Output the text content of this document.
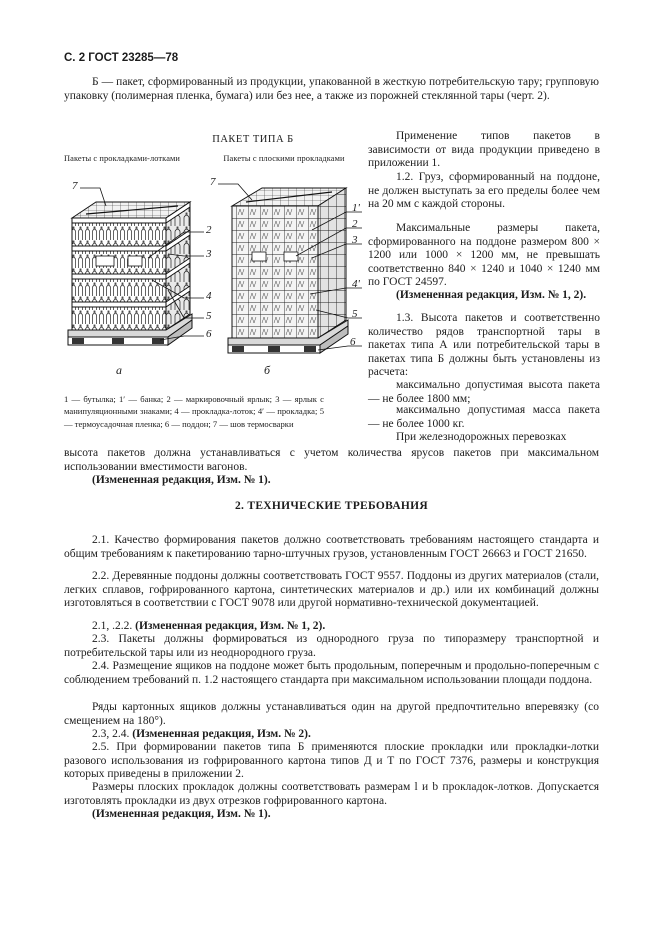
С. 2 ГОСТ 23285—78
Б — пакет, сформированный из продукции, упакованной в жесткую потребительскую тару; групповую упаковку (полимерная пленка, бумага) или без нее, а также из порожней стеклянной тары (черт. 2).
ПАКЕТ ТИПА Б
Пакеты с прокладками-лотками	Пакеты с плоскими прокладками
7
2
3
4
5
6
7
1'
2
3
4'
5
6
а	б
1 — бутылка; 1′ — банка; 2 — маркировочный ярлык; 3 — ярлык с манипуляционными знаками; 4 — прокладка-лоток; 4′ — прокладка; 5 — термоусадочная пленка; 6 — поддон; 7 — шов термосварки
Применение типов пакетов в зависимости от вида продукции приведено в приложении 1.
1.2. Груз, сформированный на поддоне, не должен выступать за его пределы более чем на 20 мм с каждой стороны.
Максимальные размеры пакета, сформированного на поддоне размером 800 × 1200 или 1000 × 1200 мм, не превышать соответственно 840 × 1240 и 1040 × 1240 мм по ГОСТ 24597.
(Измененная редакция, Изм. № 1, 2).
1.3. Высота пакетов и соответственно количество рядов транспортной тары в пакетах типа А или потребительской тары в пакетах типа Б должны быть установлены из расчета:
максимально допустимая высота пакета — не более 1800 мм;
максимально допустимая масса пакета — не более 1000 кг.
При железнодорожных перевозках
высота пакетов должна устанавливаться с учетом количества ярусов пакетов при максимальном использовании вместимости вагонов.
(Измененная редакция, Изм. № 1).
2. ТЕХНИЧЕСКИЕ ТРЕБОВАНИЯ
2.1. Качество формирования пакетов должно соответствовать требованиям настоящего стандарта и общим требованиям к пакетированию тарно-штучных грузов, установленным ГОСТ 26663 и ГОСТ 21650.
2.2. Деревянные поддоны должны соответствовать ГОСТ 9557. Поддоны из других материалов (стали, легких сплавов, гофрированного картона, синтетических материалов и др.) или их комбинаций должны изготовляться в соответствии с ГОСТ 9078 или другой нормативно-технической документацией.
2.1, .2.2. (Измененная редакция, Изм. № 1, 2).
2.3. Пакеты должны формироваться из однородного груза по типоразмеру транспортной и потребительской тары или из неоднородного груза.
2.4. Размещение ящиков на поддоне может быть продольным, поперечным и продольно-поперечным с соблюдением требований п. 1.2 настоящего стандарта при максимальном использовании площади поддона.
Ряды картонных ящиков должны устанавливаться один на другой предпочтительно вперевязку (со смещением на 180°).
2.3, 2.4. (Измененная редакция, Изм. № 2).
2.5. При формировании пакетов типа Б применяются плоские прокладки или прокладки-лотки разового использования из гофрированного картона типов Д и Т по ГОСТ 7376, размеры и конструкция которых приведены в приложении 2.
Размеры плоских прокладок должны соответствовать размерам l и b прокладок-лотков. Допускается изготовлять прокладки из двух отрезков гофрированного картона.
(Измененная редакция, Изм. № 1).
